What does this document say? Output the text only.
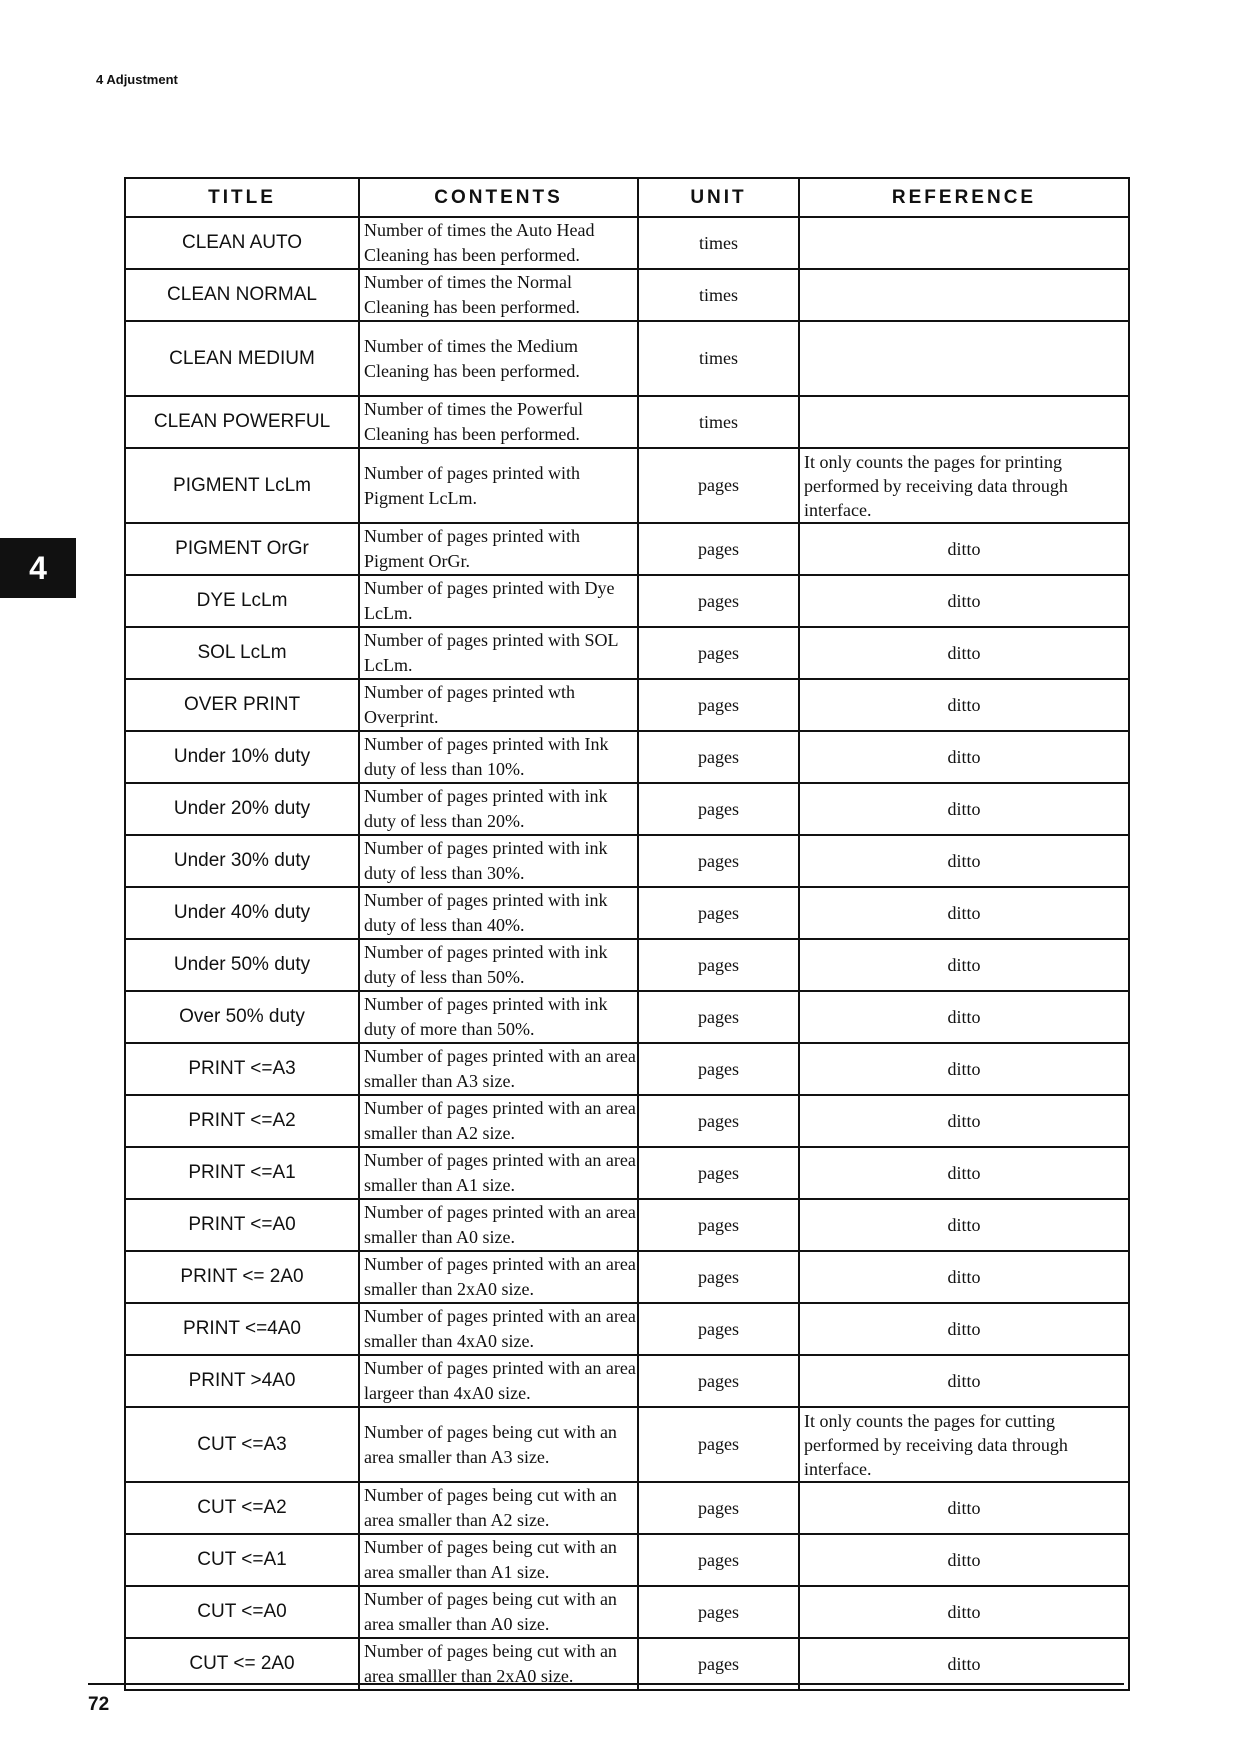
4 Adjustment
4
TITLE	CONTENTS	UNIT	REFERENCE
CLEAN AUTO	Number of times the Auto Head Cleaning has been performed.	times	
CLEAN NORMAL	Number of times the Normal Cleaning has been performed.	times	
CLEAN MEDIUM	Number of times the Medium Cleaning has been performed.	times	
CLEAN POWERFUL	Number of times the Powerful Cleaning has been performed.	times	
PIGMENT LcLm	Number of pages printed with Pigment LcLm.	pages	It only counts the pages for printing performed by receiving data through interface.
PIGMENT OrGr	Number of pages printed with Pigment OrGr.	pages	ditto
DYE LcLm	Number of pages printed with Dye LcLm.	pages	ditto
SOL LcLm	Number of pages printed with SOL LcLm.	pages	ditto
OVER PRINT	Number of pages printed wth Overprint.	pages	ditto
Under 10% duty	Number of pages printed with Ink duty of less than 10%.	pages	ditto
Under 20% duty	Number of pages printed with ink duty of less than 20%.	pages	ditto
Under 30% duty	Number of pages printed with ink duty of less than 30%.	pages	ditto
Under 40% duty	Number of pages printed with ink duty of less than 40%.	pages	ditto
Under 50% duty	Number of pages printed with ink duty of less than 50%.	pages	ditto
Over 50% duty	Number of pages printed with ink duty of more than 50%.	pages	ditto
PRINT <=A3	Number of pages printed with an area smaller than A3 size.	pages	ditto
PRINT <=A2	Number of pages printed with an area smaller than A2 size.	pages	ditto
PRINT <=A1	Number of pages printed with an area smaller than A1 size.	pages	ditto
PRINT <=A0	Number of pages printed with an area smaller than A0 size.	pages	ditto
PRINT <= 2A0	Number of pages printed with an area smaller than 2xA0 size.	pages	ditto
PRINT <=4A0	Number of pages printed with an area smaller than 4xA0 size.	pages	ditto
PRINT >4A0	Number of pages printed with an area largeer than 4xA0 size.	pages	ditto
CUT <=A3	Number of pages being cut with an area smaller than A3 size.	pages	It only counts the pages for cutting performed by receiving data through interface.
CUT <=A2	Number of pages being cut with an area smaller than A2 size.	pages	ditto
CUT <=A1	Number of pages being cut with an area smaller than A1 size.	pages	ditto
CUT <=A0	Number of pages being cut with an area smaller than A0 size.	pages	ditto
CUT <= 2A0	Number of pages being cut with an area smalller than 2xA0 size.	pages	ditto
72
